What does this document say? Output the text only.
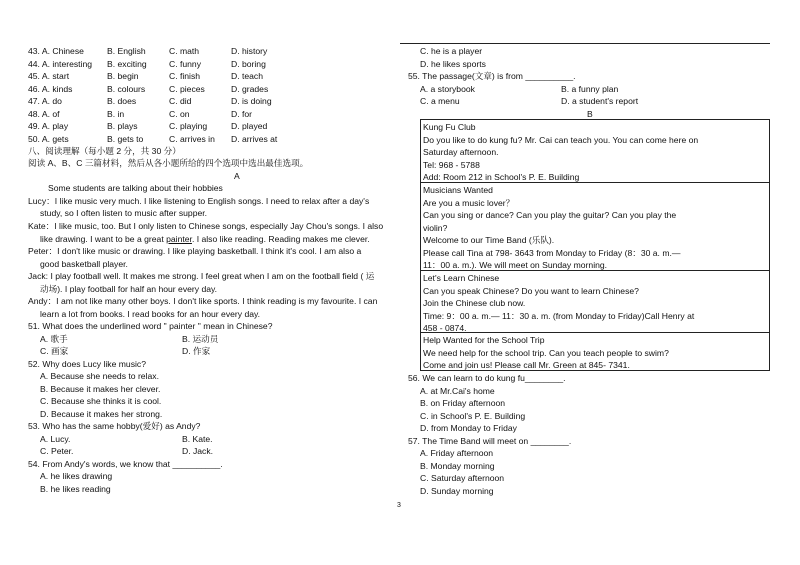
43. A. Chinese	B. English	C. math	D. history
44. A. interesting B. exciting	C. funny	D. boring
45. A. start	B. begin	C. finish	D. teach
46. A. kinds	B. colours	C. pieces	D. grades
47. A. do	B. does	C. did	D. is doing
48. A. of	B. in	C. on	D. for
49. A. play	B. plays	C. playing	D. played
50. A. gets	B. gets to	C. arrives in D. arrives at
八、阅读理解（每小题 2 分，共 30 分）
阅读 A、B、C 三篇材料，然后从各小题所给的四个选项中选出最佳选项。
A
Some students are talking about their hobbies
Lucy：I like music very much. I like listening to English songs. I need to relax after a day's
study, so I often listen to music after supper.
Kate：I like music, too. But I only listen to Chinese songs, especially Jay Chou's songs. I also
like drawing. I want to be a great painter. I also like reading. Reading makes me clever.
Peter：I don't like music or drawing. I like playing basketball. I think it's cool. I am also a
good basketball player.
Jack: I play football well. It makes me strong. I feel great when I am on the football field ( 运
动场). I play football for half an hour every day.
Andy：I am not like many other boys. I don't like sports. I think reading is my favourite. I can
learn a lot from books. I read books for an hour every day.
51. What does the underlined word " painter " mean in Chinese?
A. 歌手	B. 运动员
C. 画家	D. 作家
52. Why does Lucy like music?
A. Because she needs to relax.
B. Because it makes her clever.
C. Because she thinks it is cool.
D. Because it makes her strong.
53. Who has the same hobby(爱好) as Andy?
A. Lucy.	B. Kate.
C. Peter.	D. Jack.
54. From Andy's words, we know that __________.
A. he likes drawing
B. he likes reading
C. he is a player
D. he likes sports
55. The passage(文章) is from __________.
A. a storybook	B. a funny plan
C. a menu	D. a student's report
B
Kung Fu Club
Do you like to do kung fu? Mr. Cai can teach you. You can come here on
Saturday afternoon.
Tel: 968 - 5788
Add: Room 212 in School's P. E. Building
Musicians Wanted
Are you a music lover？
Can you sing or dance? Can you play the guitar? Can you play the
violin?
Welcome to our Time Band (乐队).
Please call Tina at 798- 3643 from Monday to Friday (8：30 a. m.—
11：00 a. m.). We will meet on Sunday morning.
Let's Learn Chinese
Can you speak Chinese? Do you want to learn Chinese?
Join the Chinese club now.
Time: 9：00 a. m.— 11：30 a. m. (from Monday to Friday)Call Henry at
458 - 0874.
Help Wanted for the School Trip
We need help for the school trip. Can you teach people to swim?
Come and join us! Please call Mr. Green at 845- 7341.
56. We can learn to do kung fu________.
A. at Mr.Cai's home
B. on Friday afternoon
C. in School's P. E. Building
D. from Monday to Friday
57. The Time Band will meet on ________.
A. Friday afternoon
B. Monday morning
C. Saturday afternoon
D. Sunday morning
3
